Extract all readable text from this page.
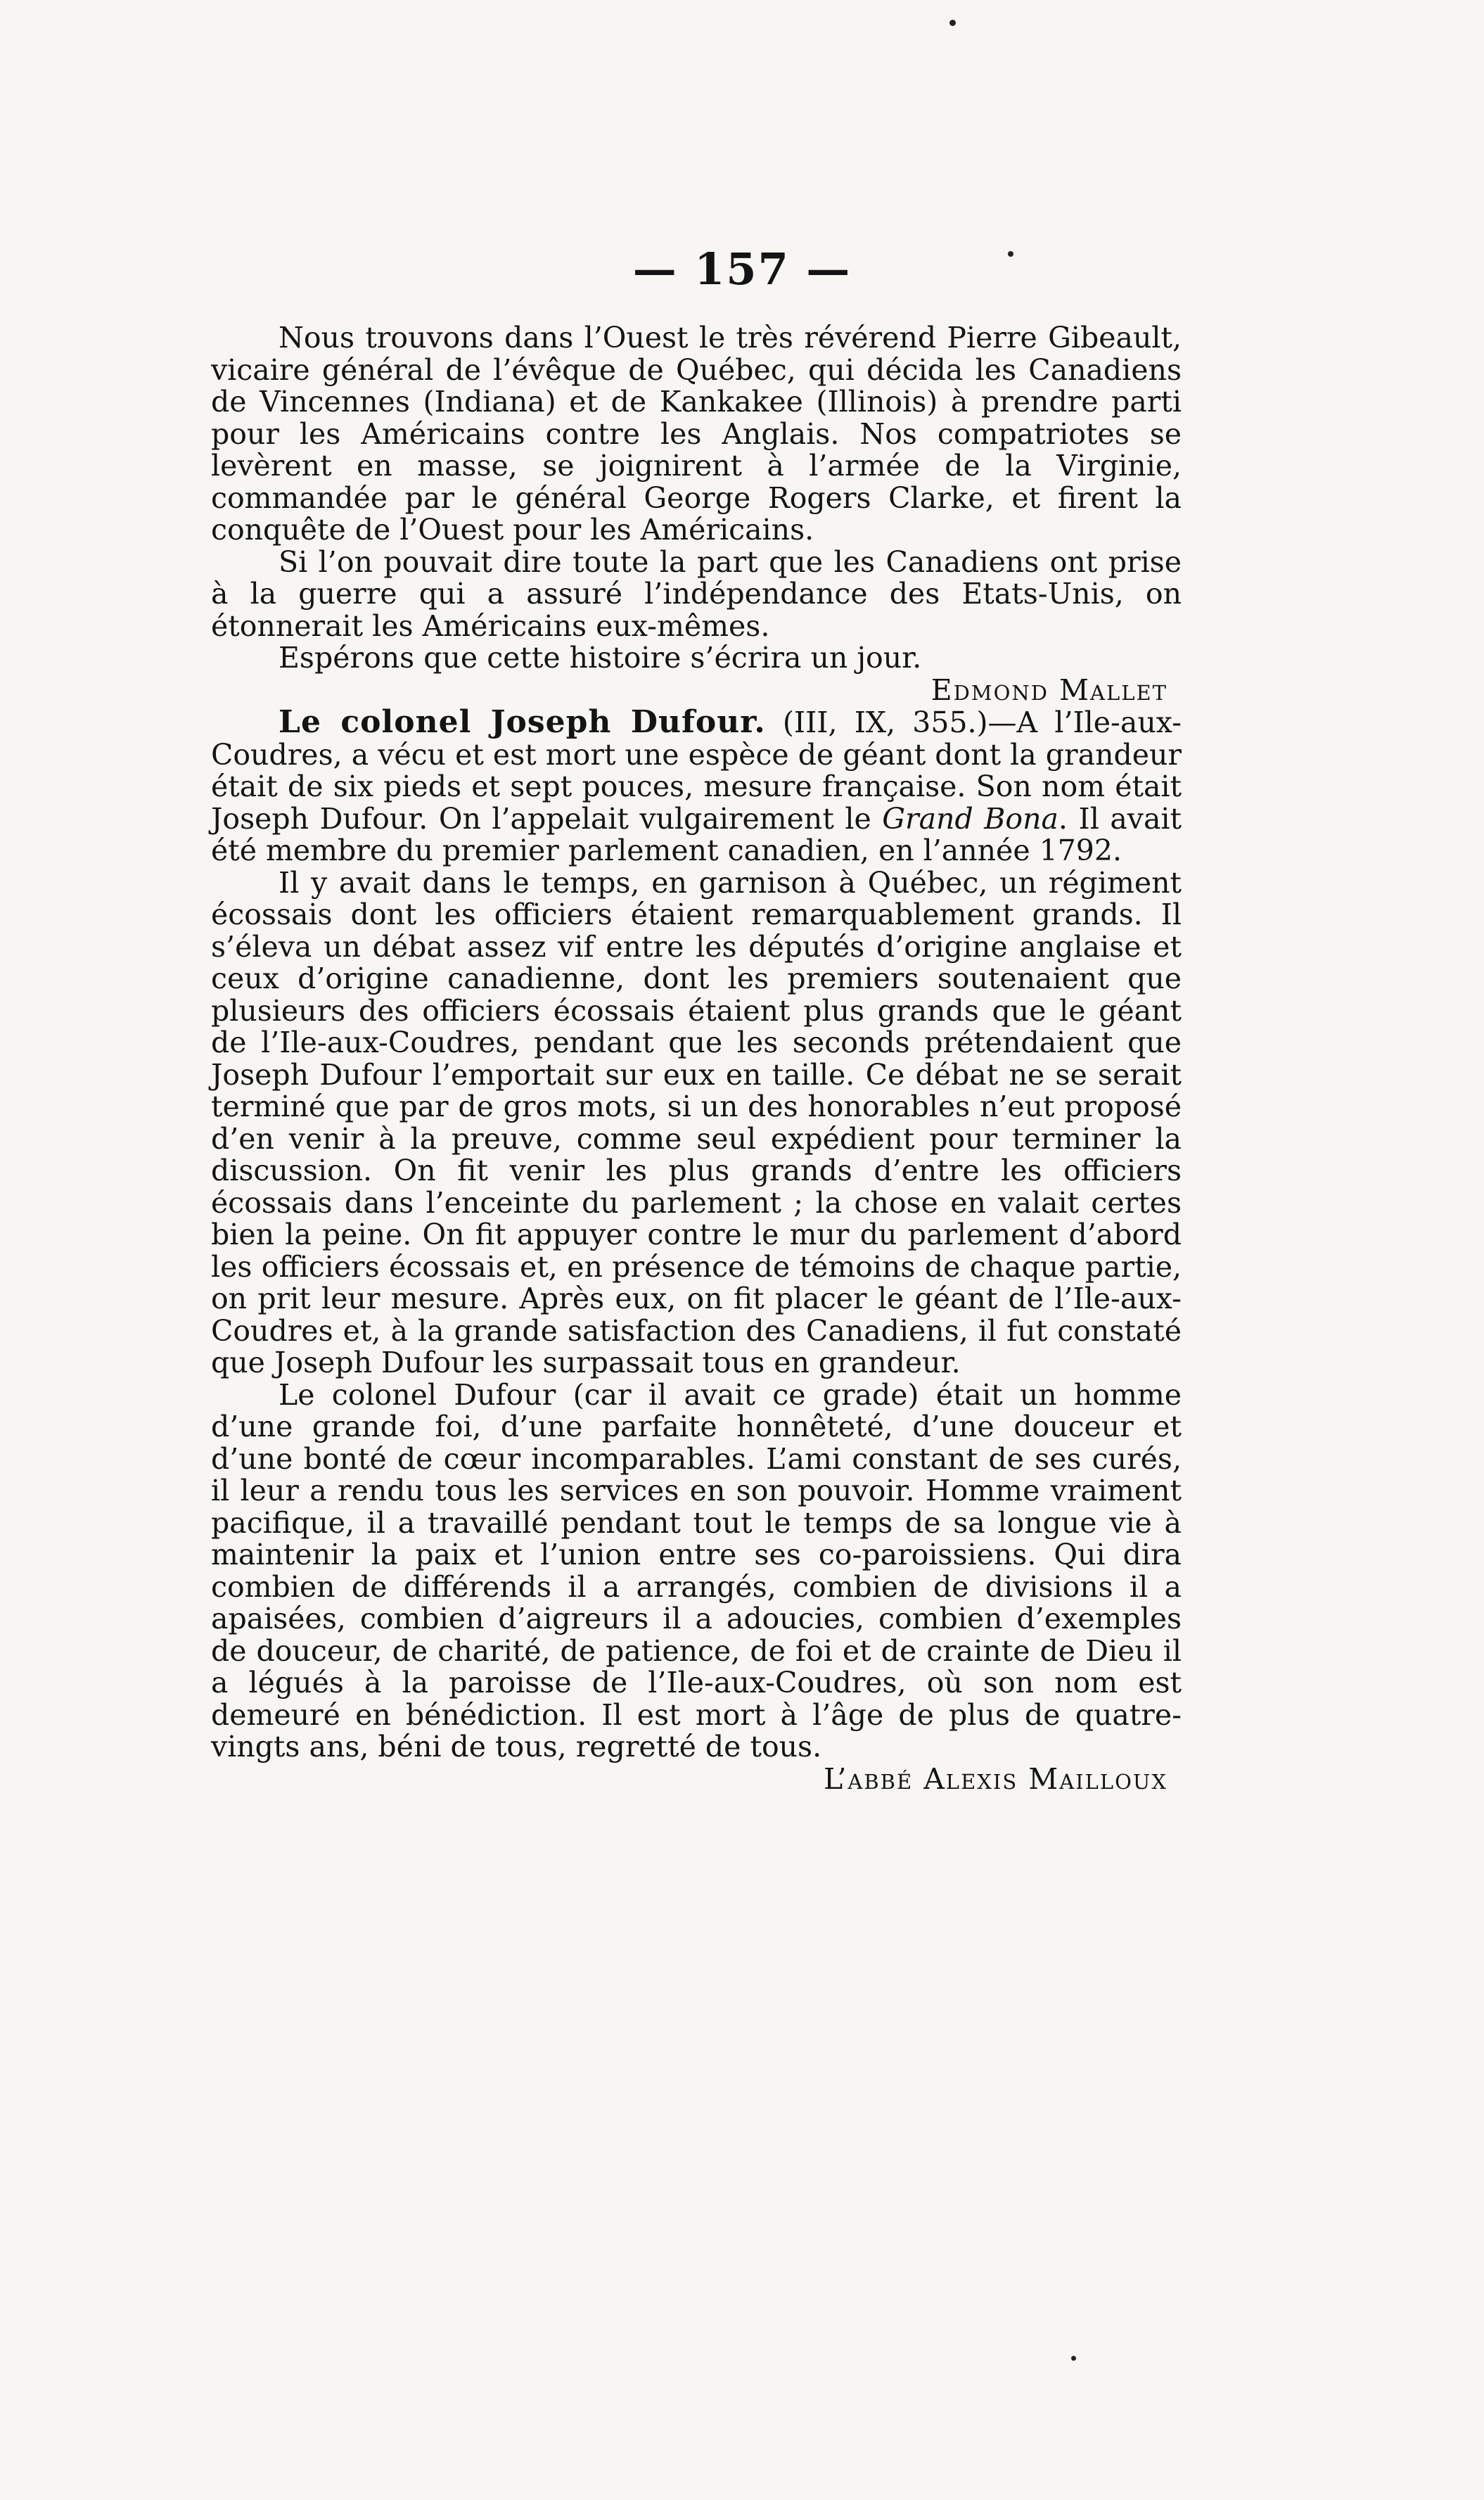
— 157 —

Nous trouvons dans l’Ouest le très révérend Pierre Gibeault, vicaire général de l’évêque de Québec, qui décida les Canadiens de Vincennes (Indiana) et de Kankakee (Illinois) à prendre parti pour les Américains contre les Anglais. Nos compatriotes se levèrent en masse, se joignirent à l’armée de la Virginie, commandée par le général George Rogers Clarke, et firent la conquête de l’Ouest pour les Américains.

Si l’on pouvait dire toute la part que les Canadiens ont prise à la guerre qui a assuré l’indépendance des Etats-Unis, on étonnerait les Américains eux-mêmes.

Espérons que cette histoire s’écrira un jour.

Edmond Mallet

Le colonel Joseph Dufour. (III, IX, 355.)—A l’Ile-aux-Coudres, a vécu et est mort une espèce de géant dont la grandeur était de six pieds et sept pouces, mesure française. Son nom était Joseph Dufour. On l’appelait vulgairement le Grand Bona. Il avait été membre du premier parlement canadien, en l’année 1792.

Il y avait dans le temps, en garnison à Québec, un régiment écossais dont les officiers étaient remarquablement grands. Il s’éleva un débat assez vif entre les députés d’origine anglaise et ceux d’origine canadienne, dont les premiers soutenaient que plusieurs des officiers écossais étaient plus grands que le géant de l’Ile-aux-Coudres, pendant que les seconds prétendaient que Joseph Dufour l’emportait sur eux en taille. Ce débat ne se serait terminé que par de gros mots, si un des honorables n’eut proposé d’en venir à la preuve, comme seul expédient pour terminer la discussion. On fit venir les plus grands d’entre les officiers écossais dans l’enceinte du parlement ; la chose en valait certes bien la peine. On fit appuyer contre le mur du parlement d’abord les officiers écossais et, en présence de témoins de chaque partie, on prit leur mesure. Après eux, on fit placer le géant de l’Ile-aux-Coudres et, à la grande satisfaction des Canadiens, il fut constaté que Joseph Dufour les surpassait tous en grandeur.

Le colonel Dufour (car il avait ce grade) était un homme d’une grande foi, d’une parfaite honnêteté, d’une douceur et d’une bonté de cœur incomparables. L’ami constant de ses curés, il leur a rendu tous les services en son pouvoir. Homme vraiment pacifique, il a travaillé pendant tout le temps de sa longue vie à maintenir la paix et l’union entre ses co-paroissiens. Qui dira combien de différends il a arrangés, combien de divisions il a apaisées, combien d’aigreurs il a adoucies, combien d’exemples de douceur, de charité, de patience, de foi et de crainte de Dieu il a légués à la paroisse de l’Ile-aux-Coudres, où son nom est demeuré en bénédiction. Il est mort à l’âge de plus de quatre-vingts ans, béni de tous, regretté de tous.

L’abbé Alexis Mailloux
